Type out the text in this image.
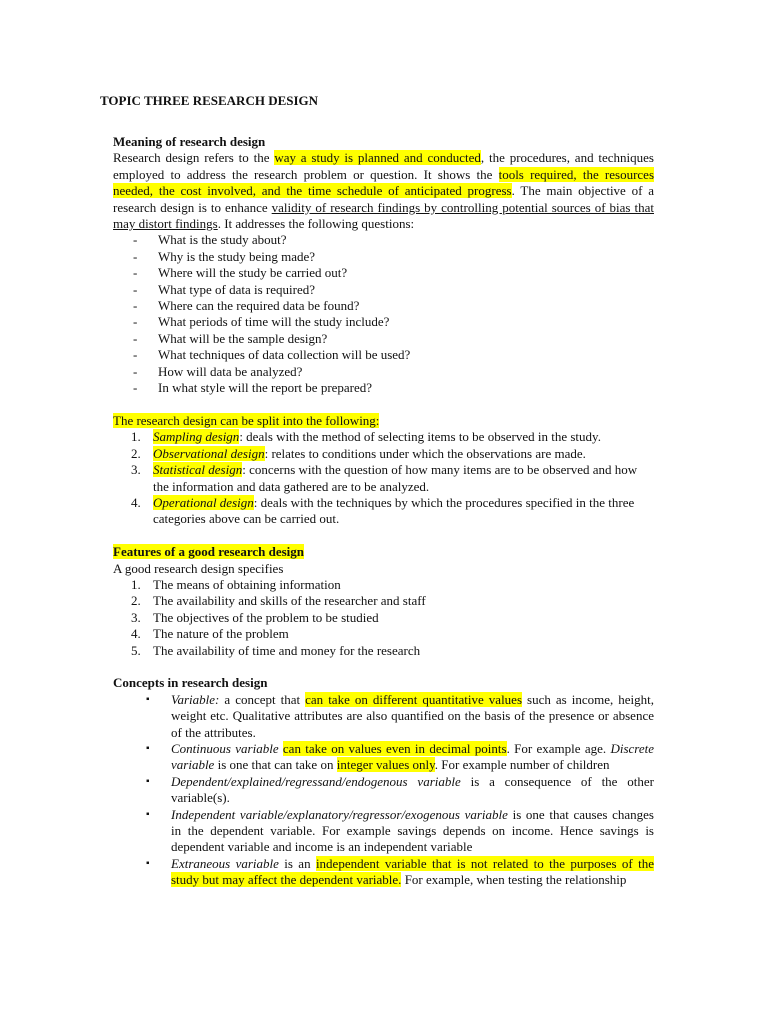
TOPIC THREE RESEARCH DESIGN

Meaning of research design

Research design refers to the way a study is planned and conducted, the procedures, and techniques employed to address the research problem or question. It shows the tools required, the resources needed, the cost involved, and the time schedule of anticipated progress. The main objective of a research design is to enhance validity of research findings by controlling potential sources of bias that may distort findings. It addresses the following questions:

- What is the study about?
- Why is the study being made?
- Where will the study be carried out?
- What type of data is required?
- Where can the required data be found?
- What periods of time will the study include?
- What will be the sample design?
- What techniques of data collection will be used?
- How will data be analyzed?
- In what style will the report be prepared?

The research design can be split into the following:

1. Sampling design: deals with the method of selecting items to be observed in the study.
2. Observational design: relates to conditions under which the observations are made.
3. Statistical design: concerns with the question of how many items are to be observed and how the information and data gathered are to be analyzed.
4. Operational design: deals with the techniques by which the procedures specified in the three categories above can be carried out.

Features of a good research design

A good research design specifies

1. The means of obtaining information
2. The availability and skills of the researcher and staff
3. The objectives of the problem to be studied
4. The nature of the problem
5. The availability of time and money for the research

Concepts in research design

▪ Variable: a concept that can take on different quantitative values such as income, height, weight etc. Qualitative attributes are also quantified on the basis of the presence or absence of the attributes.
▪ Continuous variable can take on values even in decimal points. For example age. Discrete variable is one that can take on integer values only. For example number of children
▪ Dependent/explained/regressand/endogenous variable is a consequence of the other variable(s).
▪ Independent variable/explanatory/regressor/exogenous variable is one that causes changes in the dependent variable. For example savings depends on income. Hence savings is dependent variable and income is an independent variable
▪ Extraneous variable is an independent variable that is not related to the purposes of the study but may affect the dependent variable. For example, when testing the relationship
